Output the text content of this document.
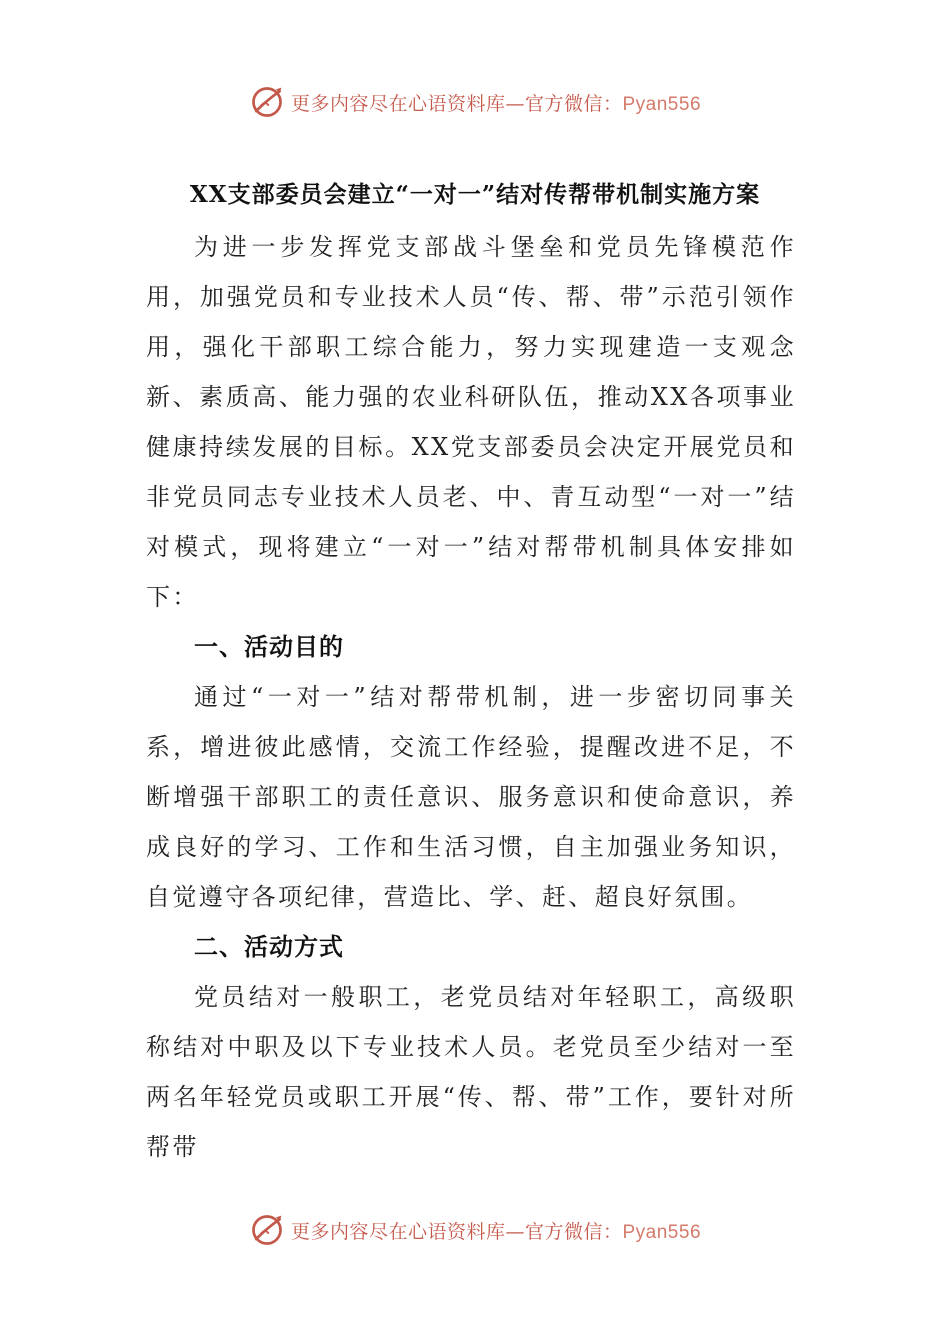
更多内容尽在心语资料库—官方微信：Pyan556
XX支部委员会建立“一对一”结对传帮带机制实施方案

为进一步发挥党支部战斗堡垒和党员先锋模范作用，加强党员和专业技术人员“传、帮、带”示范引领作用，强化干部职工综合能力，努力实现建造一支观念新、素质高、能力强的农业科研队伍，推动XX各项事业健康持续发展的目标。XX党支部委员会决定开展党员和非党员同志专业技术人员老、中、青互动型“一对一”结对模式，现将建立“一对一”结对帮带机制具体安排如下：

一、活动目的

通过“一对一”结对帮带机制，进一步密切同事关系，增进彼此感情，交流工作经验，提醒改进不足，不断增强干部职工的责任意识、服务意识和使命意识，养成良好的学习、工作和生活习惯，自主加强业务知识，自觉遵守各项纪律，营造比、学、赶、超良好氛围。

二、活动方式

党员结对一般职工，老党员结对年轻职工，高级职称结对中职及以下专业技术人员。老党员至少结对一至两名年轻党员或职工开展“传、帮、带”工作，要针对所帮带

更多内容尽在心语资料库—官方微信：Pyan556
